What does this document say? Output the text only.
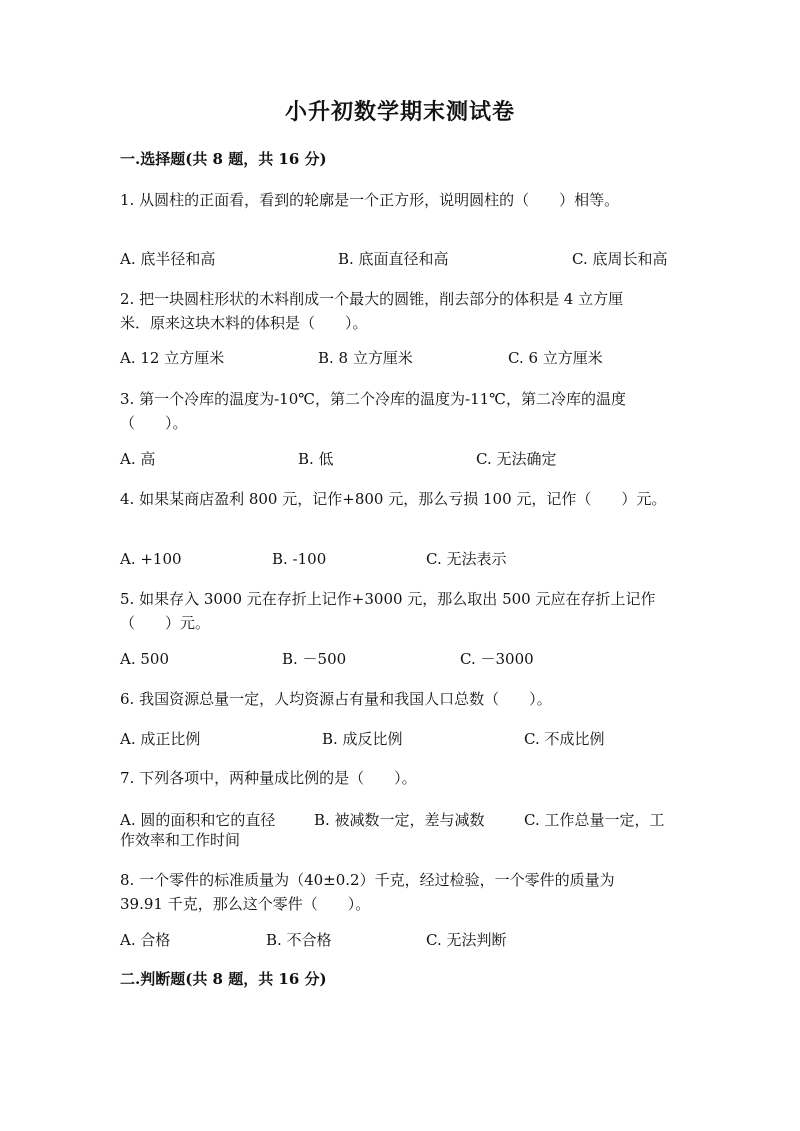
小升初数学期末测试卷
一.选择题(共 8 题，共 16 分)
1. 从圆柱的正面看，看到的轮廓是一个正方形，说明圆柱的（　　）相等。
A. 底半径和高	B. 底面直径和高	C. 底周长和高
2. 把一块圆柱形状的木料削成一个最大的圆锥，削去部分的体积是 4 立方厘
米．原来这块木料的体积是（　　）。
A. 12 立方厘米	B. 8 立方厘米	C. 6 立方厘米
3. 第一个冷库的温度为-10℃，第二个冷库的温度为-11℃，第二冷库的温度
（　　）。
A. 高	B. 低	C. 无法确定
4. 如果某商店盈利 800 元，记作+800 元，那么亏损 100 元，记作（　　）元。
A. +100	B. -100	C. 无法表示
5. 如果存入 3000 元在存折上记作+3000 元，那么取出 500 元应在存折上记作
（　　）元。
A. 500	B. －500	C. －3000
6. 我国资源总量一定，人均资源占有量和我国人口总数（　　）。
A. 成正比例	B. 成反比例	C. 不成比例
7. 下列各项中，两种量成比例的是（　　）。
A. 圆的面积和它的直径	B. 被减数一定，差与减数	C. 工作总量一定，工
作效率和工作时间
8. 一个零件的标准质量为（40±0.2）千克，经过检验，一个零件的质量为
39.91 千克，那么这个零件（　　）。
A. 合格	B. 不合格	C. 无法判断
二.判断题(共 8 题，共 16 分)
